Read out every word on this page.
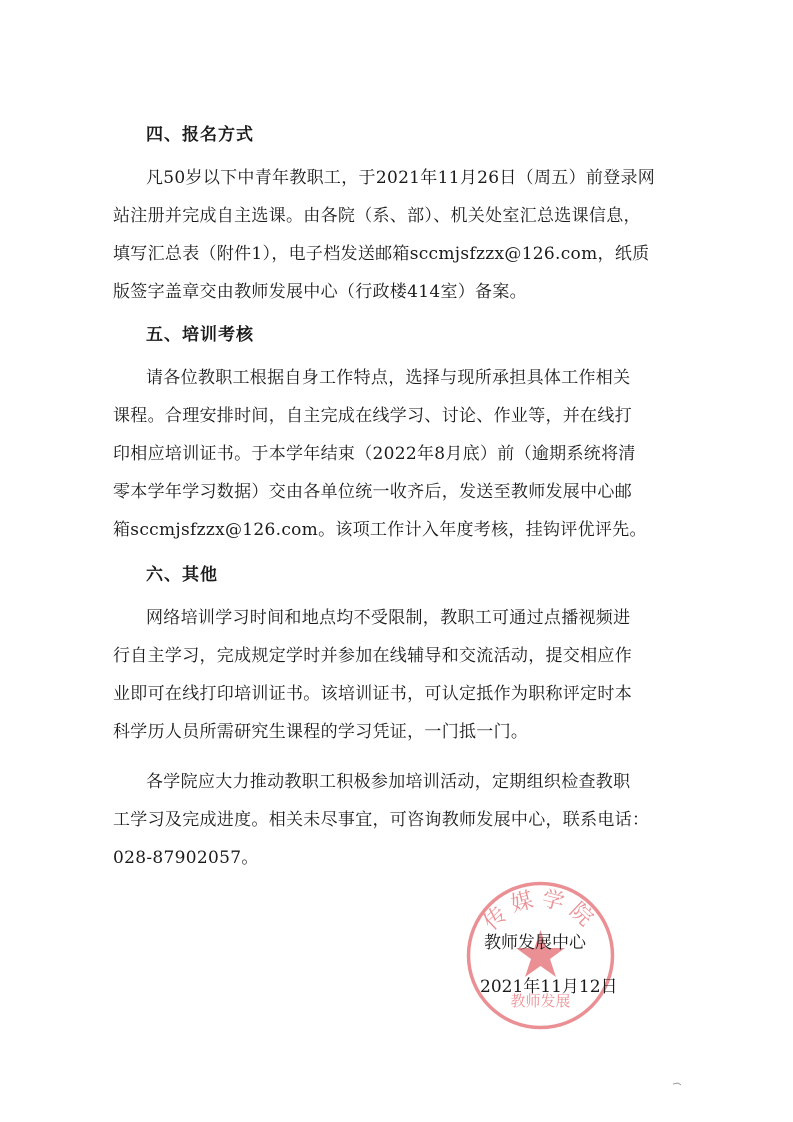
四、报名方式
凡50岁以下中青年教职工，于2021年11月26日（周五）前登录网
站注册并完成自主选课。由各院（系、部）、机关处室汇总选课信息，
填写汇总表（附件1），电子档发送邮箱sccmjsfzzx@126.com，纸质
版签字盖章交由教师发展中心（行政楼414室）备案。
五、培训考核
请各位教职工根据自身工作特点，选择与现所承担具体工作相关
课程。合理安排时间，自主完成在线学习、讨论、作业等，并在线打
印相应培训证书。于本学年结束（2022年8月底）前（逾期系统将清
零本学年学习数据）交由各单位统一收齐后，发送至教师发展中心邮
箱sccmjsfzzx@126.com。该项工作计入年度考核，挂钩评优评先。
六、其他
网络培训学习时间和地点均不受限制，教职工可通过点播视频进
行自主学习，完成规定学时并参加在线辅导和交流活动，提交相应作
业即可在线打印培训证书。该培训证书，可认定抵作为职称评定时本
科学历人员所需研究生课程的学习凭证，一门抵一门。
各学院应大力推动教职工积极参加培训活动，定期组织检查教职
工学习及完成进度。相关未尽事宜，可咨询教师发展中心，联系电话：
028-87902057。
传媒学院
教师发展
教师发展中心
2021年11月12日
